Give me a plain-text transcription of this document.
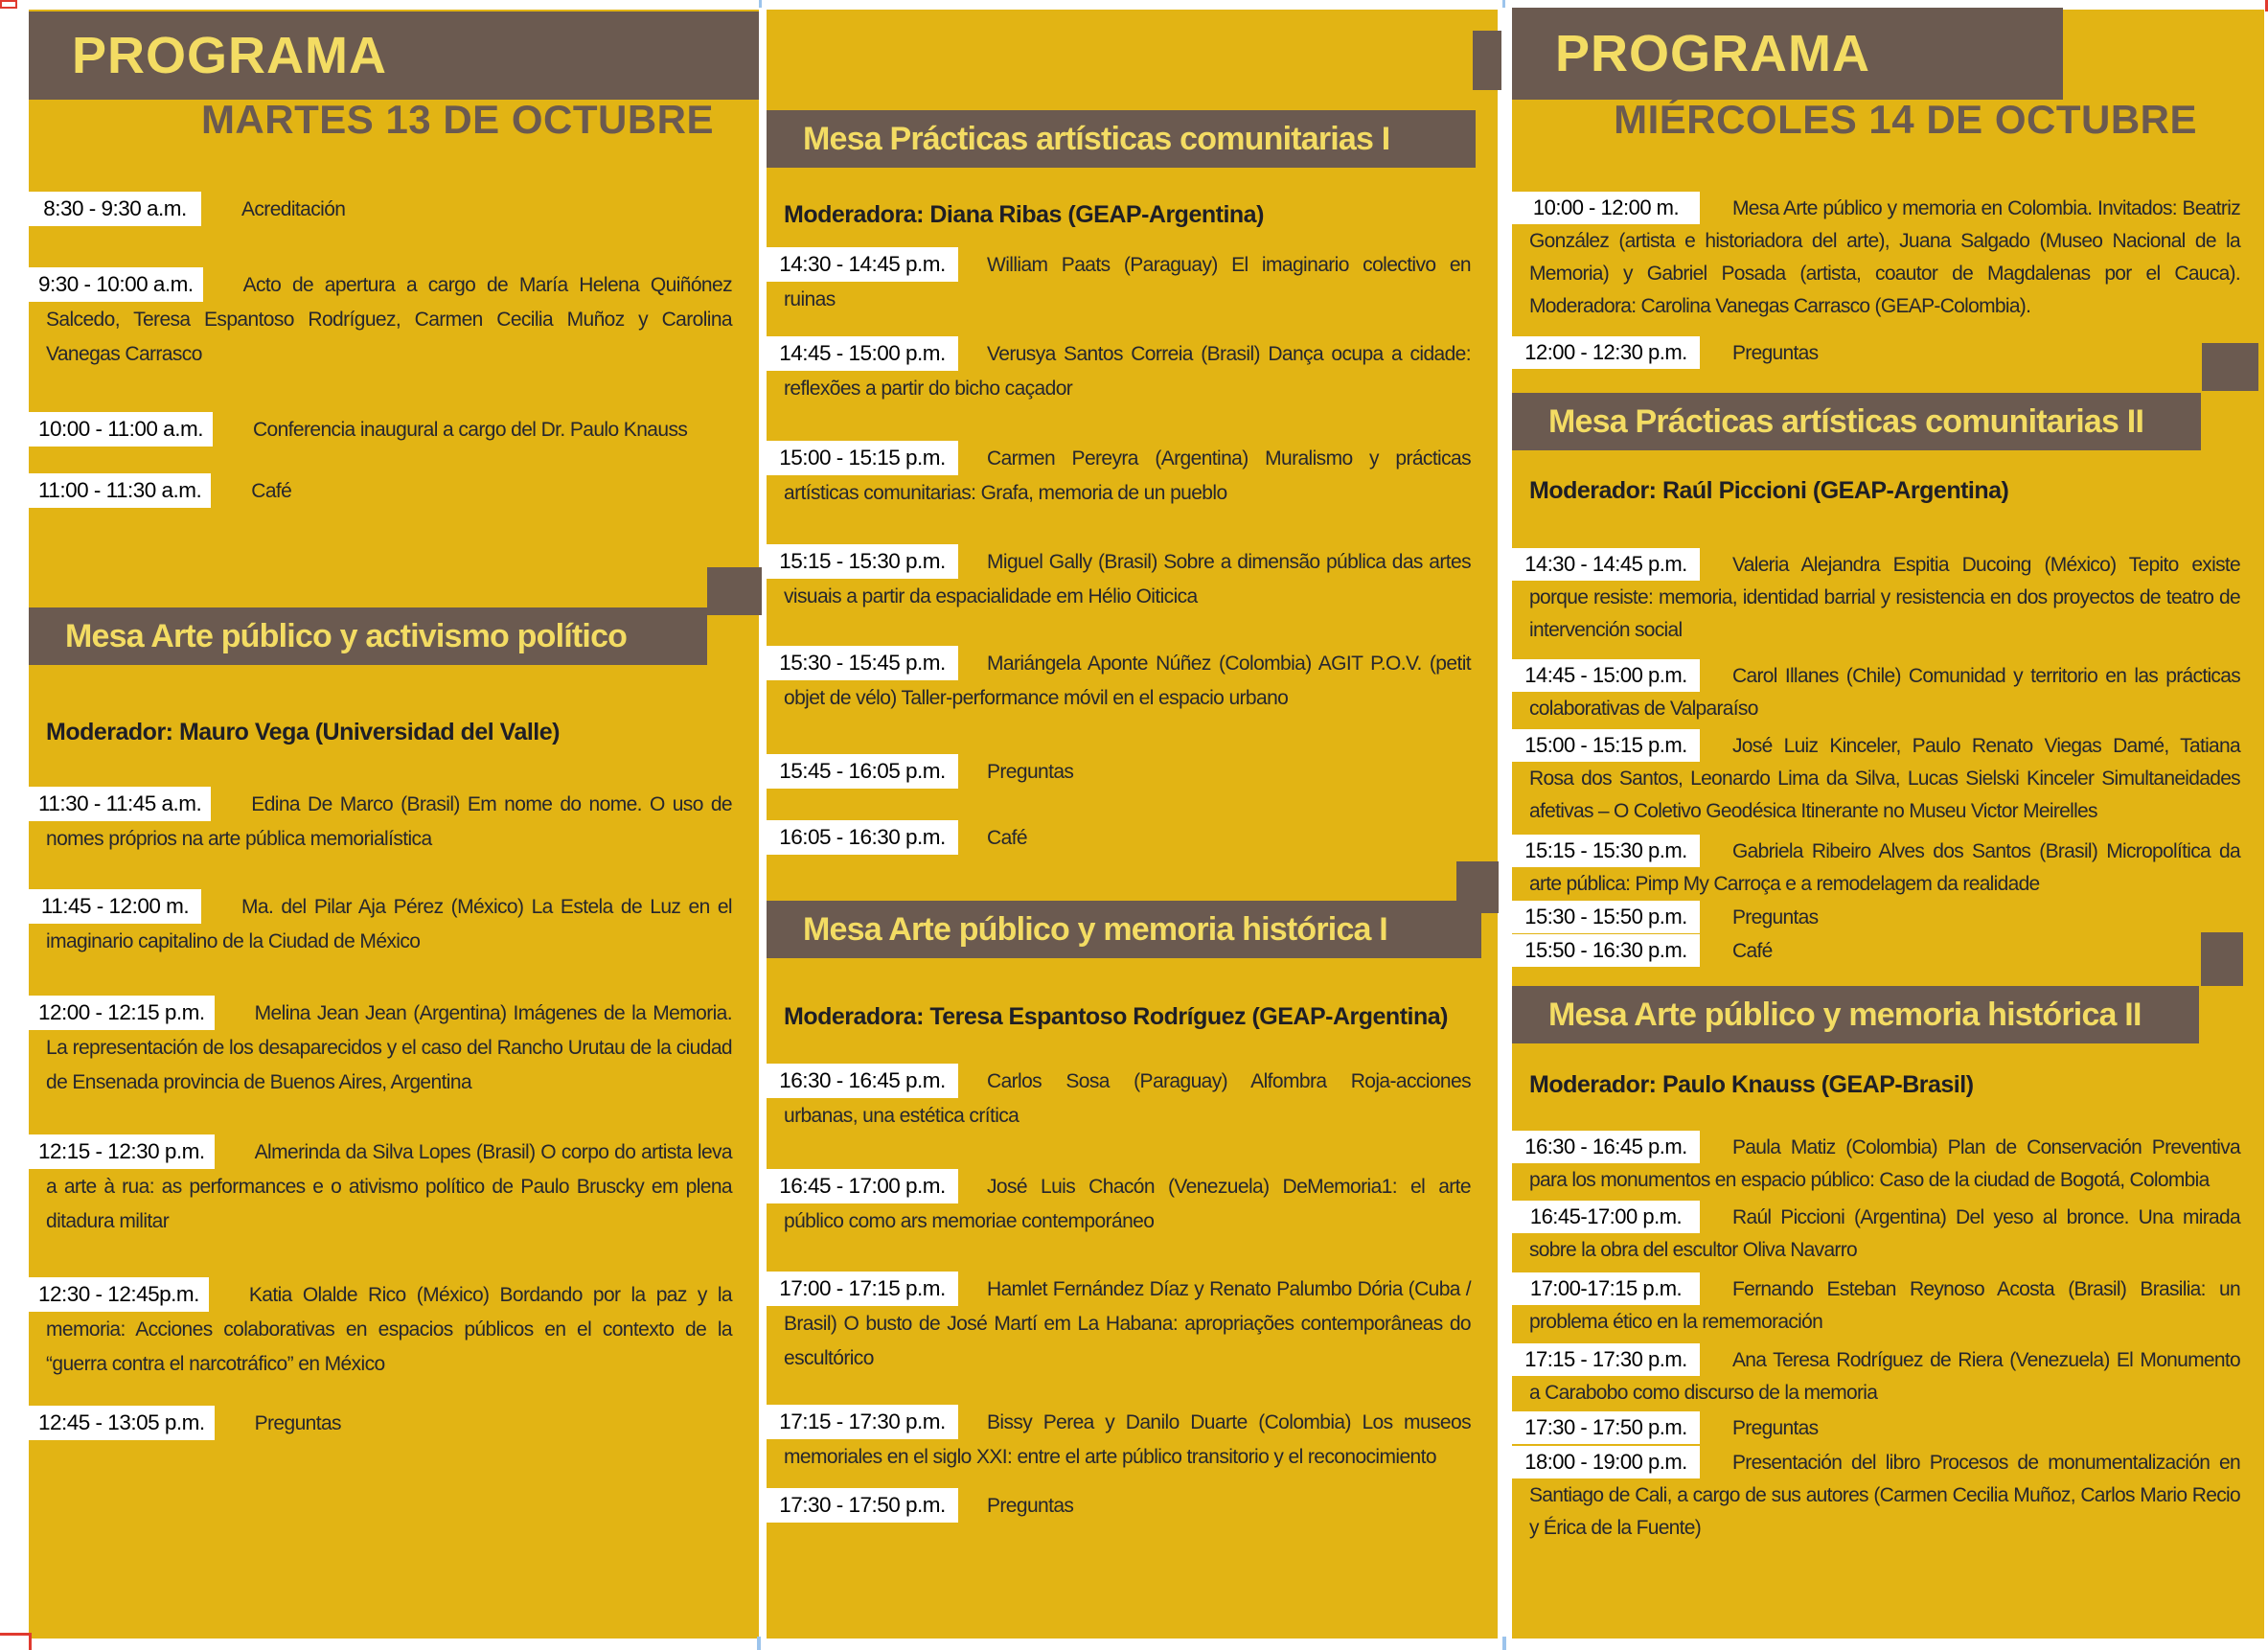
PROGRAMA
MARTES 13 DE OCTUBRE
8:30 - 9:30 a.m.	Acreditación
9:30 - 10:00 a.m. Acto de apertura a cargo de María Helena Quiñónez Salcedo, Teresa Espantoso Rodríguez, Carmen Cecilia Muñoz y Carolina Vanegas Carrasco
10:00 - 11:00 a.m. Conferencia inaugural a cargo del Dr. Paulo Knauss
11:00 - 11:30 a.m. Café
Mesa Arte público y activismo político
Moderador: Mauro Vega (Universidad del Valle)
11:30 - 11:45 a.m. Edina De Marco (Brasil) Em nome do nome. O uso de nomes próprios na arte pública memorialística
11:45 - 12:00 m.	Ma. del Pilar Aja Pérez (México) La Estela de Luz en el imaginario capitalino de la Ciudad de México
12:00 - 12:15 p.m. Melina Jean Jean (Argentina) Imágenes de la Memoria. La representación de los desaparecidos y el caso del Rancho Urutau de la ciudad de Ensenada provincia de Buenos Aires, Argentina
12:15 - 12:30 p.m. Almerinda da Silva Lopes (Brasil) O corpo do artista leva a arte à rua: as performances e o ativismo político de Paulo Bruscky em plena ditadura militar
12:30 - 12:45p.m. Katia Olalde Rico (México) Bordando por la paz y la memoria: Acciones colaborativas en espacios públicos en el contexto de la “guerra contra el narcotráfico” en México
12:45 - 13:05 p.m. Preguntas
Mesa Prácticas artísticas comunitarias I
Moderadora: Diana Ribas (GEAP-Argentina)
14:30 - 14:45 p.m. William Paats (Paraguay) El imaginario colectivo en ruinas
14:45 - 15:00 p.m. Verusya Santos Correia (Brasil) Dança ocupa a cidade: reflexões a partir do bicho caçador
15:00 - 15:15 p.m. Carmen Pereyra (Argentina) Muralismo y prácticas artísticas comunitarias: Grafa, memoria de un pueblo
15:15 - 15:30 p.m. Miguel Gally (Brasil) Sobre a dimensão pública das artes visuais a partir da espacialidade em Hélio Oiticica
15:30 - 15:45 p.m. Mariángela Aponte Núñez (Colombia) AGIT P.O.V. (petit objet de vélo) Taller-performance móvil en el espacio urbano
15:45 - 16:05 p.m. Preguntas
16:05 - 16:30 p.m. Café
Mesa Arte público y memoria histórica I
Moderadora: Teresa Espantoso Rodríguez (GEAP-Argentina)
16:30 - 16:45 p.m. Carlos Sosa (Paraguay) Alfombra Roja-acciones urbanas, una estética crítica
16:45 - 17:00 p.m. José Luis Chacón (Venezuela) DeMemoria1: el arte público como ars memoriae contemporáneo
17:00 - 17:15 p.m. Hamlet Fernández Díaz y Renato Palumbo Dória (Cuba / Brasil) O busto de José Martí em La Habana: apropriações contemporâneas do escultórico
17:15 - 17:30 p.m. Bissy Perea y Danilo Duarte (Colombia) Los museos memoriales en el siglo XXI: entre el arte público transitorio y el reconocimiento
17:30 - 17:50 p.m. Preguntas
PROGRAMA
MIÉRCOLES 14 DE OCTUBRE
10:00 - 12:00 m.	Mesa Arte público y memoria en Colombia. Invitados: Beatriz González (artista e historiadora del arte), Juana Salgado (Museo Nacional de la Memoria) y Gabriel Posada (artista, coautor de Magdalenas por el Cauca). Moderadora: Carolina Vanegas Carrasco (GEAP-Colombia).
12:00 - 12:30 p.m. Preguntas
Mesa Prácticas artísticas comunitarias II
Moderador: Raúl Piccioni (GEAP-Argentina)
14:30 - 14:45 p.m. Valeria Alejandra Espitia Ducoing (México) Tepito existe porque resiste: memoria, identidad barrial y resistencia en dos proyectos de teatro de intervención social
14:45 - 15:00 p.m. Carol Illanes (Chile) Comunidad y territorio en las prácticas colaborativas de Valparaíso
15:00 - 15:15 p.m. José Luiz Kinceler, Paulo Renato Viegas Damé, Tatiana Rosa dos Santos, Leonardo Lima da Silva, Lucas Sielski Kinceler Simultaneidades afetivas – O Coletivo Geodésica Itinerante no Museu Victor Meirelles
15:15 - 15:30 p.m. Gabriela Ribeiro Alves dos Santos (Brasil) Micropolítica da arte pública: Pimp My Carroça e a remodelagem da realidade
15:30 - 15:50 p.m. Preguntas
15:50 - 16:30 p.m. Café
Mesa Arte público y memoria histórica II
Moderador: Paulo Knauss (GEAP-Brasil)
16:30 - 16:45 p.m. Paula Matiz (Colombia) Plan de Conservación Preventiva para los monumentos en espacio público: Caso de la ciudad de Bogotá, Colombia
16:45-17:00 p.m.	Raúl Piccioni (Argentina) Del yeso al bronce. Una mirada sobre la obra del escultor Oliva Navarro
17:00-17:15 p.m.	Fernando Esteban Reynoso Acosta (Brasil) Brasilia: un problema ético en la rememoración
17:15 - 17:30 p.m. Ana Teresa Rodríguez de Riera (Venezuela) El Monumento a Carabobo como discurso de la memoria
17:30 - 17:50 p.m. Preguntas
18:00 - 19:00 p.m. Presentación del libro Procesos de monumentalización en Santiago de Cali, a cargo de sus autores (Carmen Cecilia Muñoz, Carlos Mario Recio y Érica de la Fuente)
